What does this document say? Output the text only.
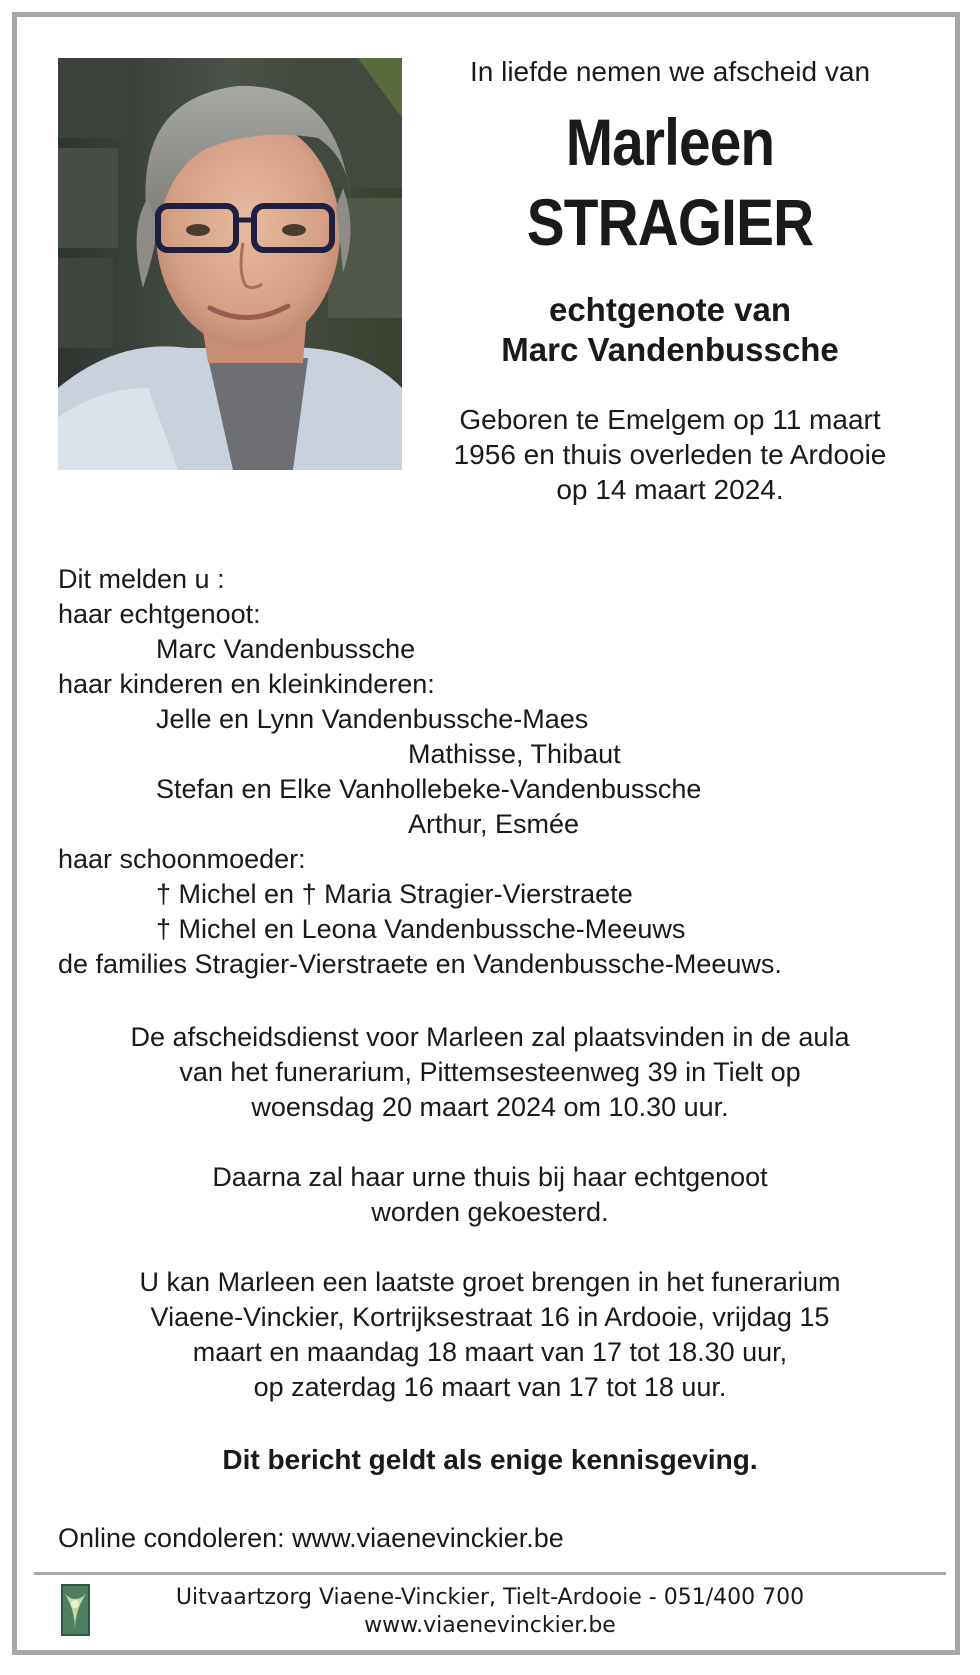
In liefde nemen we afscheid van

Marleen

STRAGIER

echtgenote van

Marc Vandenbussche

Geboren te Emelgem op 11 maart
1956 en thuis overleden te Ardooie
op 14 maart 2024.

Dit melden u :
haar echtgenoot:
Marc Vandenbussche
haar kinderen en kleinkinderen:
Jelle en Lynn Vandenbussche-Maes
Mathisse, Thibaut
Stefan en Elke Vanhollebeke-Vandenbussche
Arthur, Esmée
haar schoonmoeder:
† Michel en † Maria Stragier-Vierstraete
† Michel en Leona Vandenbussche-Meeuws
de families Stragier-Vierstraete en Vandenbussche-Meeuws.
De afscheidsdienst voor Marleen zal plaatsvinden in de aula
van het funerarium, Pittemsesteenweg 39 in Tielt op
woensdag 20 maart 2024 om 10.30 uur.
Daarna zal haar urne thuis bij haar echtgenoot
worden gekoesterd.
U kan Marleen een laatste groet brengen in het funerarium
Viaene-Vinckier, Kortrijksestraat 16 in Ardooie, vrijdag 15
maart en maandag 18 maart van 17 tot 18.30 uur,
op zaterdag 16 maart van 17 tot 18 uur.
Dit bericht geldt als enige kennisgeving.
Online condoleren: www.viaenevinckier.be
Uitvaartzorg Viaene-Vinckier, Tielt-Ardooie - 051/400 700
www.viaenevinckier.be
